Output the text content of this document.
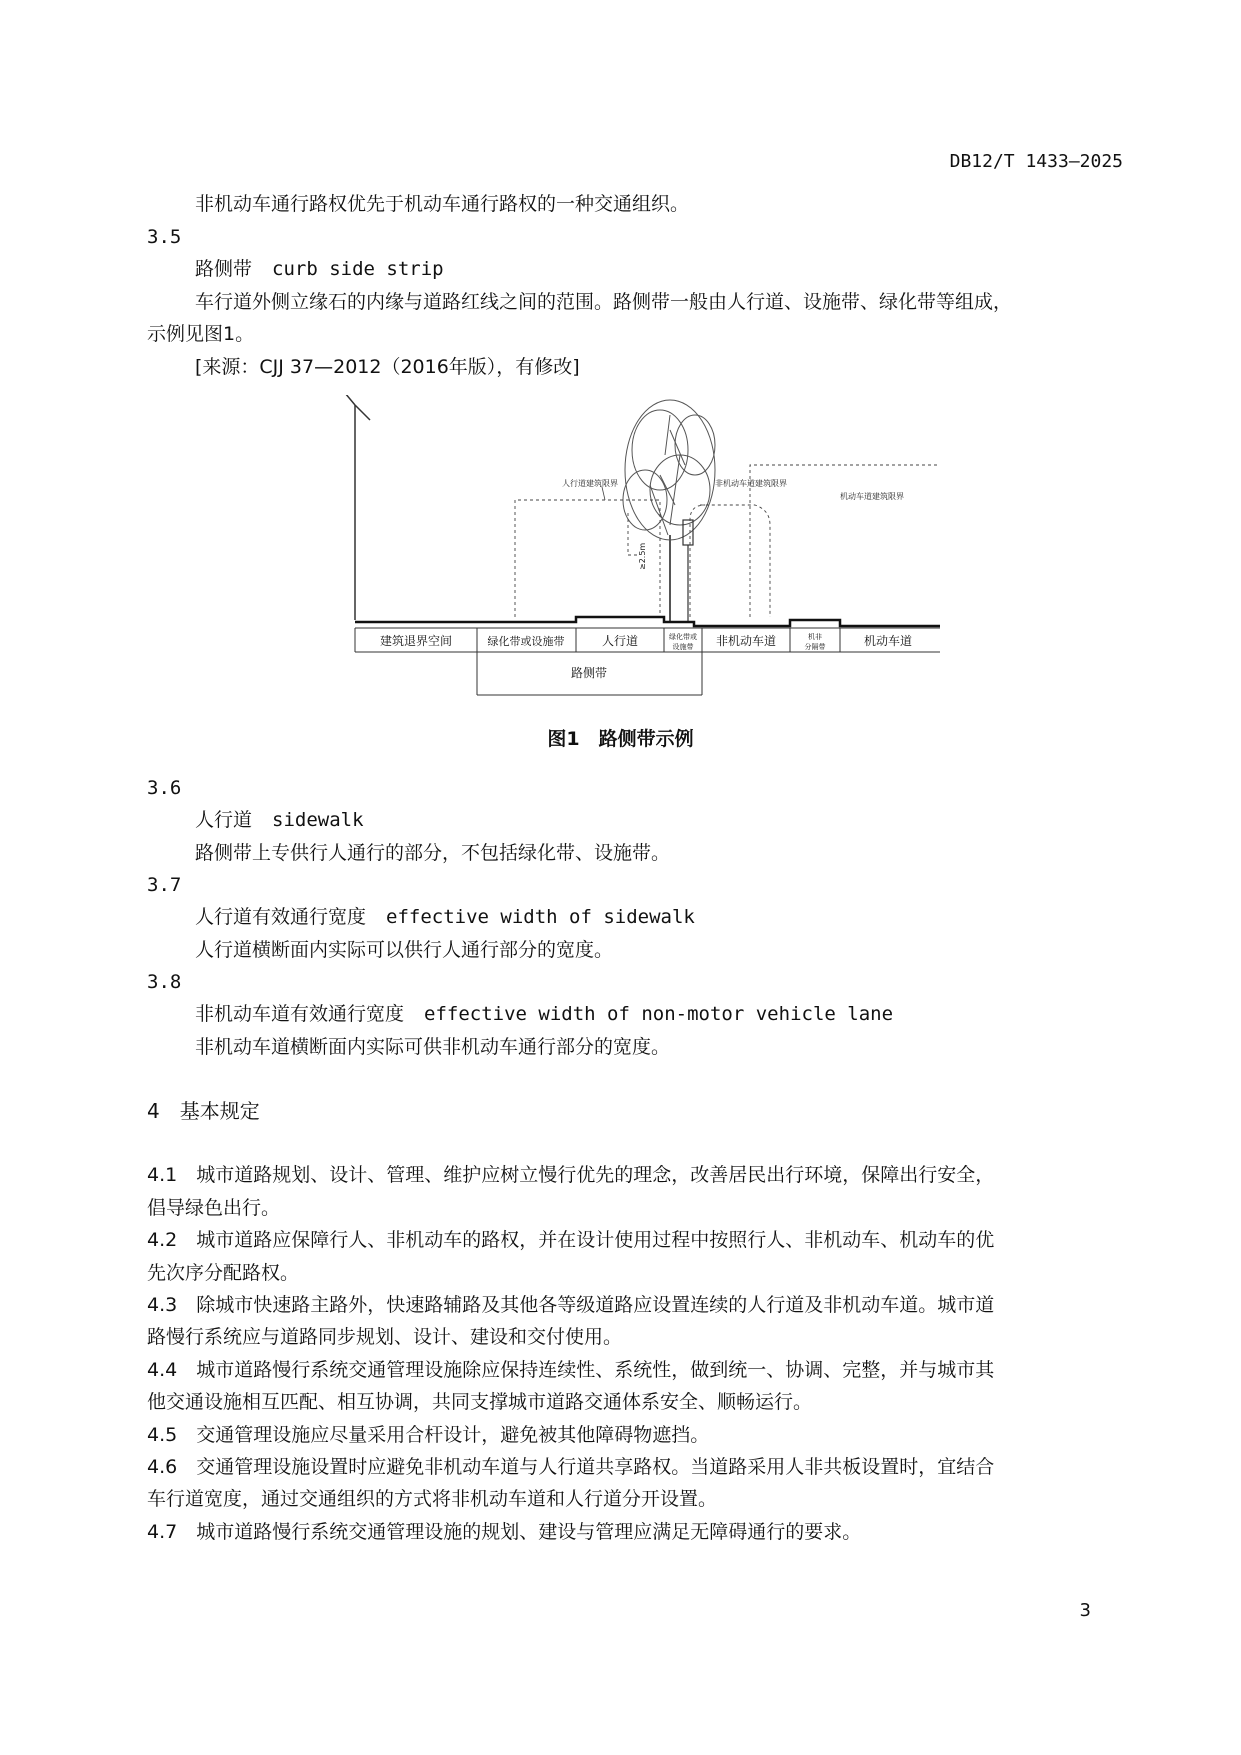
DB12/T 1433—2025
非机动车通行路权优先于机动车通行路权的一种交通组织。
3.5
路侧带 curb side strip
车行道外侧立缘石的内缘与道路红线之间的范围。路侧带一般由人行道、设施带、绿化带等组成，
示例见图1。
[来源：CJJ 37—2012（2016年版），有修改]
人行道建筑限界	非机动车道建筑限界
机动车道建筑限界
≥2.5m
建筑退界空间	绿化带或设施带	人行道	绿化带或
设施带 非机动车道	机非
分隔带	机动车道
路侧带
图1　路侧带示例
3.6
人行道 sidewalk
路侧带上专供行人通行的部分，不包括绿化带、设施带。
3.7
人行道有效通行宽度 effective width of sidewalk
人行道横断面内实际可以供行人通行部分的宽度。
3.8
非机动车道有效通行宽度 effective width of non-motor vehicle lane
非机动车道横断面内实际可供非机动车通行部分的宽度。
4　基本规定
4.1　城市道路规划、设计、管理、维护应树立慢行优先的理念，改善居民出行环境，保障出行安全，
倡导绿色出行。
4.2　城市道路应保障行人、非机动车的路权，并在设计使用过程中按照行人、非机动车、机动车的优
先次序分配路权。
4.3　除城市快速路主路外，快速路辅路及其他各等级道路应设置连续的人行道及非机动车道。城市道
路慢行系统应与道路同步规划、设计、建设和交付使用。
4.4　城市道路慢行系统交通管理设施除应保持连续性、系统性，做到统一、协调、完整，并与城市其
他交通设施相互匹配、相互协调，共同支撑城市道路交通体系安全、顺畅运行。
4.5　交通管理设施应尽量采用合杆设计，避免被其他障碍物遮挡。
4.6　交通管理设施设置时应避免非机动车道与人行道共享路权。当道路采用人非共板设置时，宜结合
车行道宽度，通过交通组织的方式将非机动车道和人行道分开设置。
4.7　城市道路慢行系统交通管理设施的规划、建设与管理应满足无障碍通行的要求。
3
